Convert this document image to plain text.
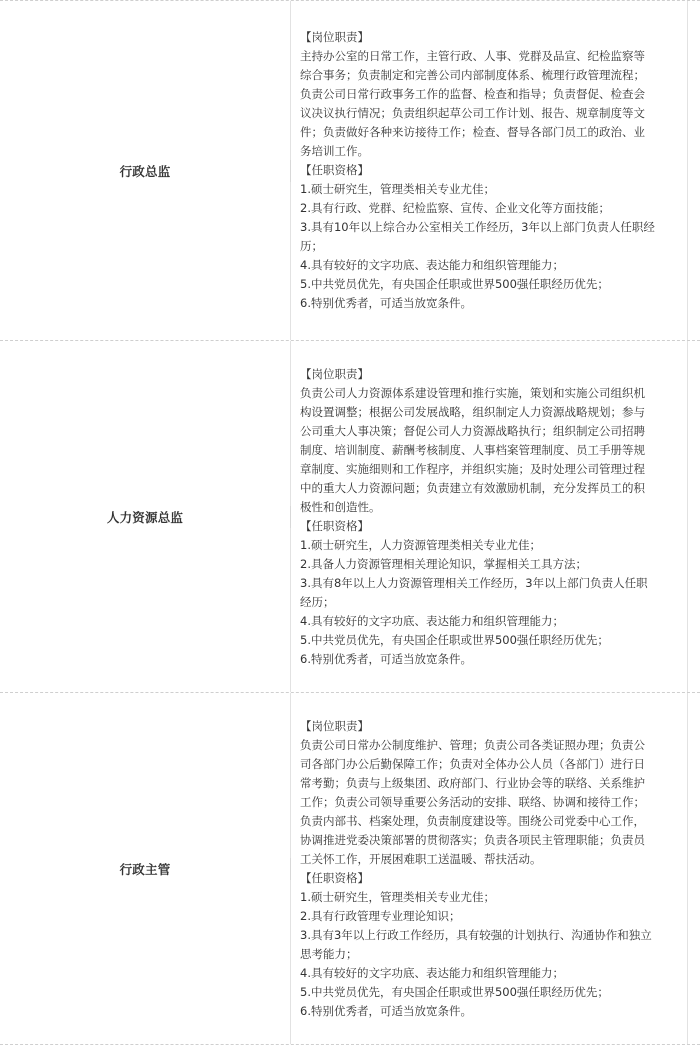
行政总监
【岗位职责】
主持办公室的日常工作，主管行政、人事、党群及品宣、纪检监察等
综合事务；负责制定和完善公司内部制度体系、梳理行政管理流程；
负责公司日常行政事务工作的监督、检查和指导；负责督促、检查会
议决议执行情况；负责组织起草公司工作计划、报告、规章制度等文
件；负责做好各种来访接待工作；检查、督导各部门员工的政治、业
务培训工作。
【任职资格】
1.硕士研究生，管理类相关专业尤佳；
2.具有行政、党群、纪检监察、宣传、企业文化等方面技能；
3.具有10年以上综合办公室相关工作经历，3年以上部门负责人任职经
历；
4.具有较好的文字功底、表达能力和组织管理能力；
5.中共党员优先，有央国企任职或世界500强任职经历优先；
6.特别优秀者，可适当放宽条件。
人力资源总监
【岗位职责】
负责公司人力资源体系建设管理和推行实施，策划和实施公司组织机
构设置调整；根据公司发展战略，组织制定人力资源战略规划；参与
公司重大人事决策；督促公司人力资源战略执行；组织制定公司招聘
制度、培训制度、薪酬考核制度、人事档案管理制度、员工手册等规
章制度、实施细则和工作程序，并组织实施；及时处理公司管理过程
中的重大人力资源问题；负责建立有效激励机制，充分发挥员工的积
极性和创造性。
【任职资格】
1.硕士研究生，人力资源管理类相关专业尤佳；
2.具备人力资源管理相关理论知识，掌握相关工具方法；
3.具有8年以上人力资源管理相关工作经历，3年以上部门负责人任职
经历；
4.具有较好的文字功底、表达能力和组织管理能力；
5.中共党员优先，有央国企任职或世界500强任职经历优先；
6.特别优秀者，可适当放宽条件。
行政主管
【岗位职责】
负责公司日常办公制度维护、管理；负责公司各类证照办理；负责公
司各部门办公后勤保障工作；负责对全体办公人员（各部门）进行日
常考勤；负责与上级集团、政府部门、行业协会等的联络、关系维护
工作；负责公司领导重要公务活动的安排、联络、协调和接待工作；
负责内部书、档案处理，负责制度建设等。围绕公司党委中心工作，
协调推进党委决策部署的贯彻落实；负责各项民主管理职能；负责员
工关怀工作，开展困难职工送温暖、帮扶活动。
【任职资格】
1.硕士研究生，管理类相关专业尤佳；
2.具有行政管理专业理论知识；
3.具有3年以上行政工作经历，具有较强的计划执行、沟通协作和独立
思考能力；
4.具有较好的文字功底、表达能力和组织管理能力；
5.中共党员优先，有央国企任职或世界500强任职经历优先；
6.特别优秀者，可适当放宽条件。
